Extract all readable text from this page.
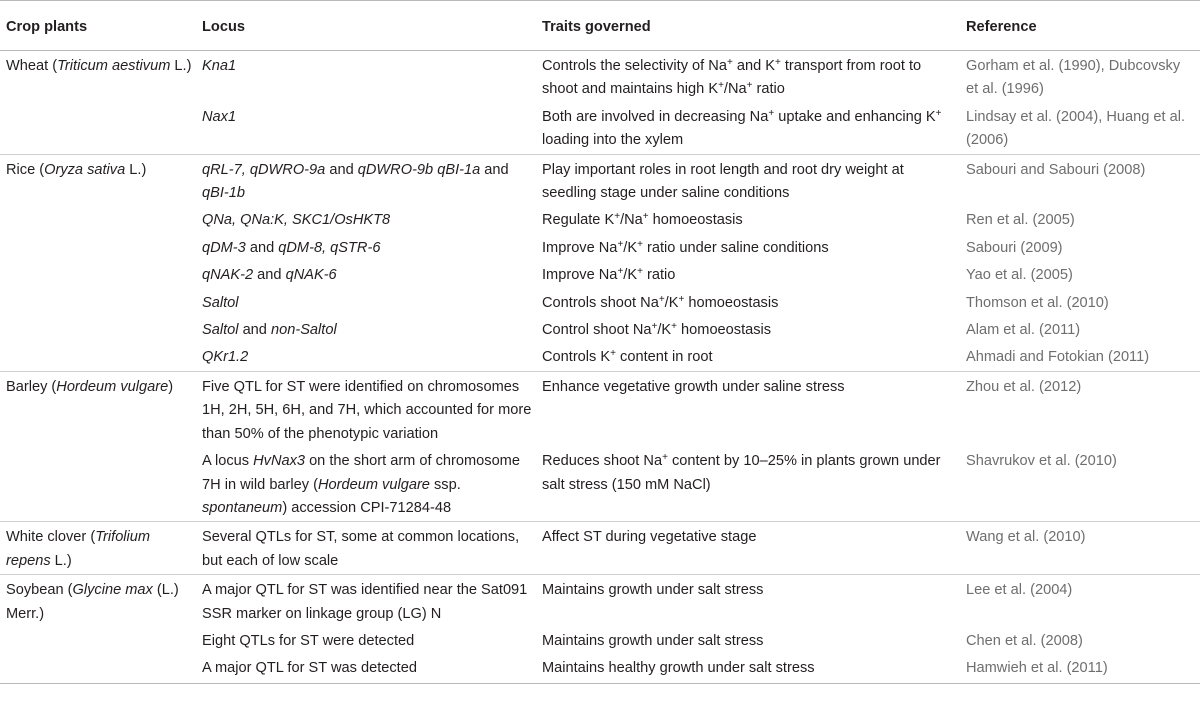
Crop plants	Locus	Traits governed	Reference
Wheat (Triticum aestivum L.)	Kna1	Controls the selectivity of Na+ and K+ transport from root to shoot and maintains high K+/Na+ ratio	Gorham et al. (1990), Dubcovsky et al. (1996)
	Nax1	Both are involved in decreasing Na+ uptake and enhancing K+ loading into the xylem	Lindsay et al. (2004), Huang et al. (2006)
Rice (Oryza sativa L.)	qRL-7, qDWRO-9a and qDWRO-9b qBI-1a and qBI-1b	Play important roles in root length and root dry weight at seedling stage under saline conditions	Sabouri and Sabouri (2008)
	QNa, QNa:K, SKC1/OsHKT8	Regulate K+/Na+ homoeostasis	Ren et al. (2005)
	qDM-3 and qDM-8, qSTR-6	Improve Na+/K+ ratio under saline conditions	Sabouri (2009)
	qNAK-2 and qNAK-6	Improve Na+/K+ ratio	Yao et al. (2005)
	Saltol	Controls shoot Na+/K+ homoeostasis	Thomson et al. (2010)
	Saltol and non-Saltol	Control shoot Na+/K+ homoeostasis	Alam et al. (2011)
	QKr1.2	Controls K+ content in root	Ahmadi and Fotokian (2011)
Barley (Hordeum vulgare)	Five QTL for ST were identified on chromosomes 1H, 2H, 5H, 6H, and 7H, which accounted for more than 50% of the phenotypic variation	Enhance vegetative growth under saline stress	Zhou et al. (2012)
	A locus HvNax3 on the short arm of chromosome 7H in wild barley (Hordeum vulgare ssp. spontaneum) accession CPI-71284-48	Reduces shoot Na+ content by 10–25% in plants grown under salt stress (150 mM NaCl)	Shavrukov et al. (2010)
White clover (Trifolium repens L.)	Several QTLs for ST, some at common locations, but each of low scale	Affect ST during vegetative stage	Wang et al. (2010)
Soybean (Glycine max (L.) Merr.)	A major QTL for ST was identified near the Sat091 SSR marker on linkage group (LG) N	Maintains growth under salt stress	Lee et al. (2004)
	Eight QTLs for ST were detected	Maintains growth under salt stress	Chen et al. (2008)
	A major QTL for ST was detected	Maintains healthy growth under salt stress	Hamwieh et al. (2011)
